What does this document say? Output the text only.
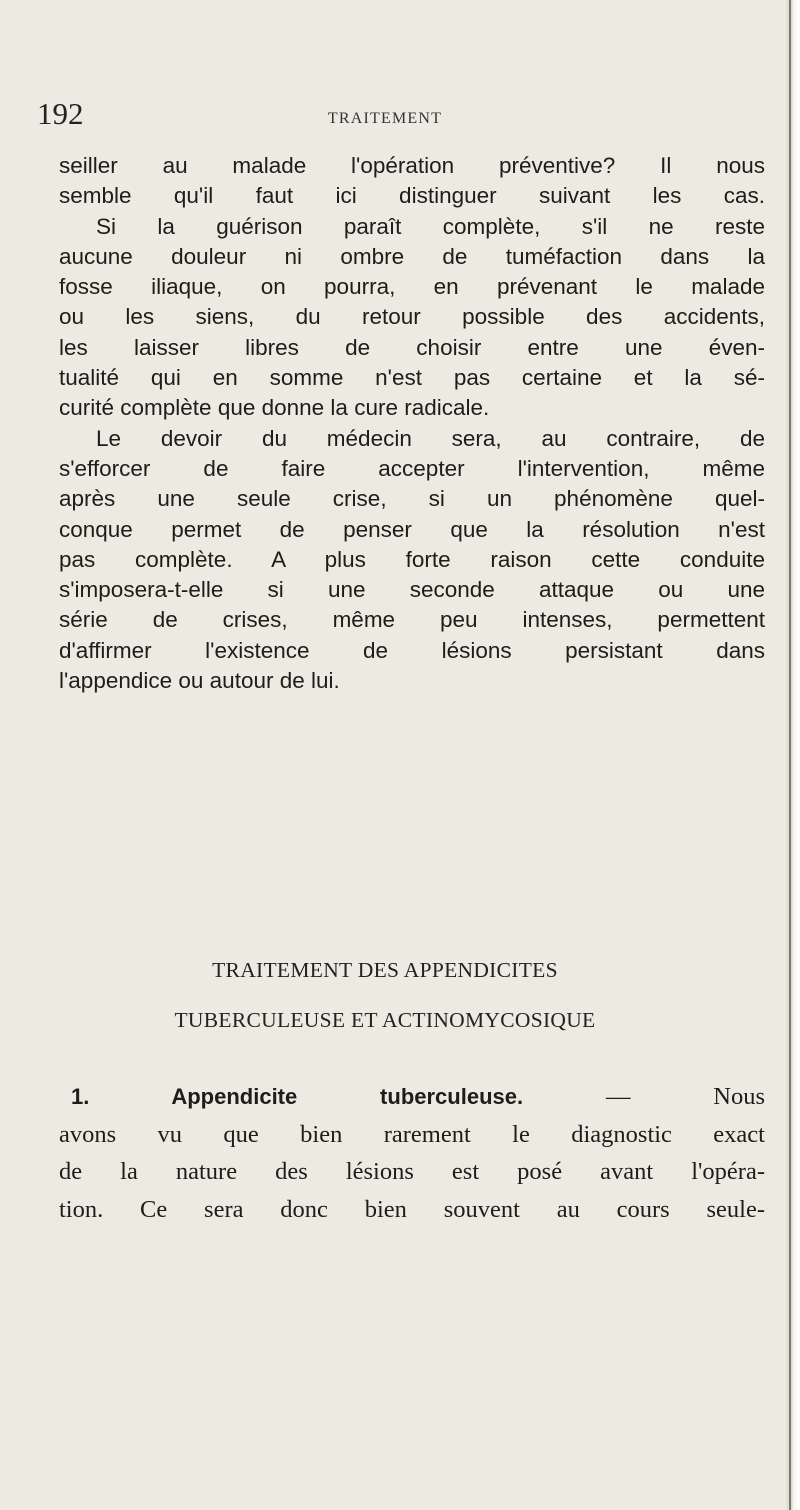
192	TRAITEMENT
seiller au malade l'opération préventive? Il nous
semble qu'il faut ici distinguer suivant les cas.
Si la guérison paraît complète, s'il ne reste
aucune douleur ni ombre de tuméfaction dans la
fosse iliaque, on pourra, en prévenant le malade
ou les siens, du retour possible des accidents,
les laisser libres de choisir entre une éven-
tualité qui en somme n'est pas certaine et la sé-
curité complète que donne la cure radicale.
Le devoir du médecin sera, au contraire, de
s'efforcer de faire accepter l'intervention, même
après une seule crise, si un phénomène quel-
conque permet de penser que la résolution n'est
pas complète. A plus forte raison cette conduite
s'imposera-t-elle si une seconde attaque ou une
série de crises, même peu intenses, permettent
d'affirmer l'existence de lésions persistant dans
l'appendice ou autour de lui.
TRAITEMENT DES APPENDICITES
TUBERCULEUSE ET ACTINOMYCOSIQUE
1. Appendicite tuberculeuse. — Nous
avons vu que bien rarement le diagnostic exact
de la nature des lésions est posé avant l'opéra-
tion. Ce sera donc bien souvent au cours seule-
